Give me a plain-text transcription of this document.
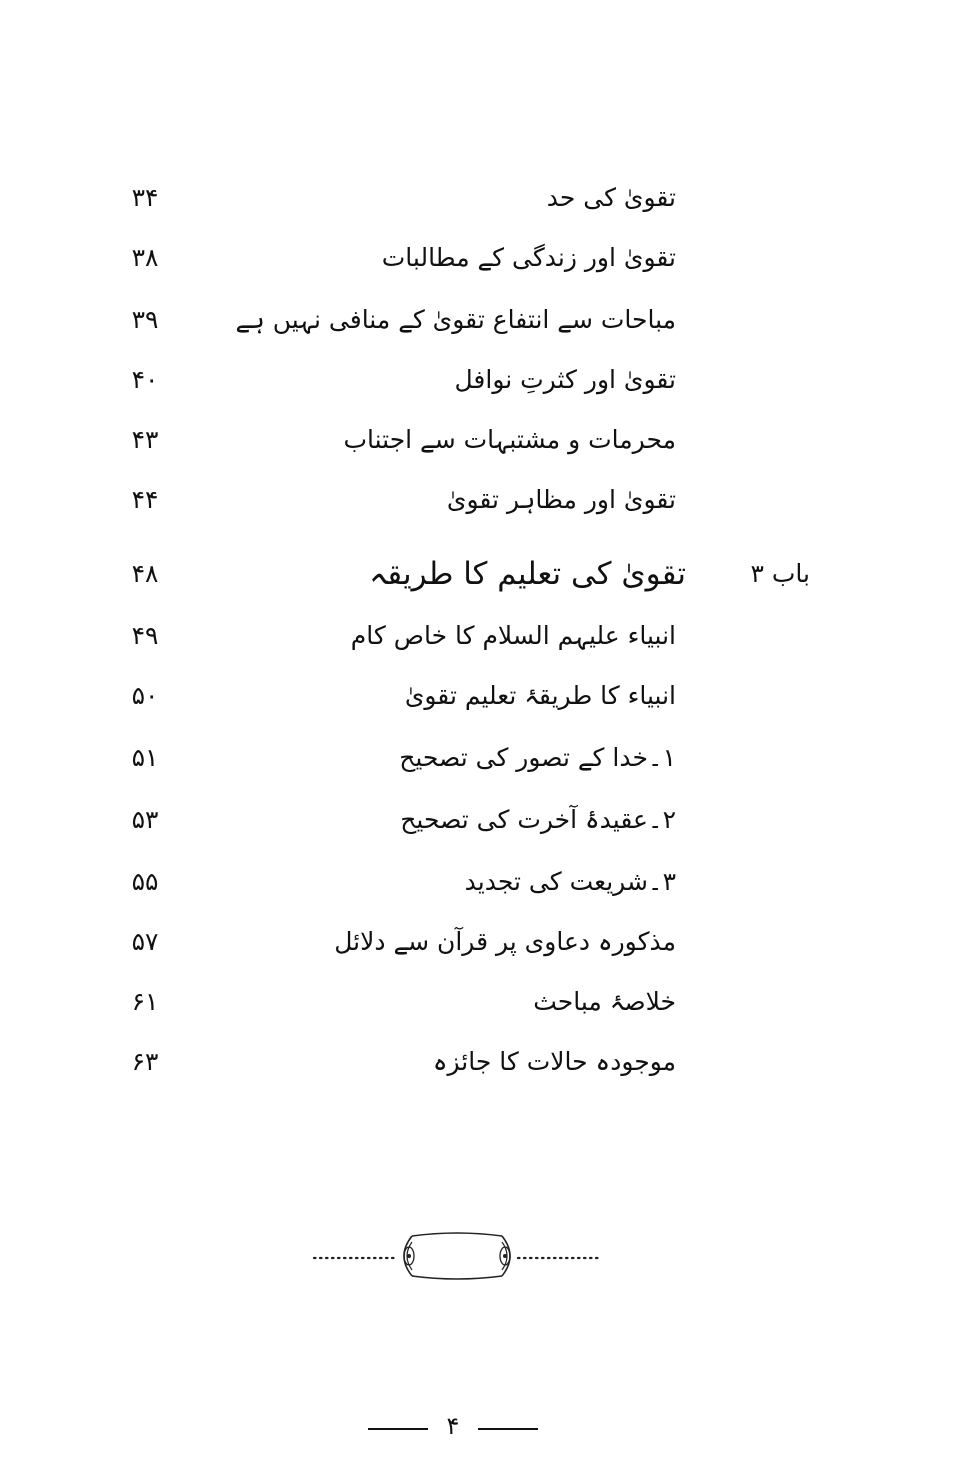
تقویٰ کی حد
۳۴
تقویٰ اور زندگی کے مطالبات
۳۸
مباحات سے انتفاع تقویٰ کے منافی نہیں ہے
۳۹
تقویٰ اور کثرتِ نوافل
۴۰
محرمات و مشتبہات سے اجتناب
۴۳
تقویٰ اور مظاہر تقویٰ
۴۴
باب ۳
تقویٰ کی تعلیم کا طریقہ
۴۸
انبیاء علیہم السلام کا خاص کام
۴۹
انبیاء کا طریقۂ تعلیم تقویٰ
۵۰
۱۔خدا کے تصور کی تصحیح
۵۱
۲۔عقیدۂ آخرت کی تصحیح
۵۳
۳۔شریعت کی تجدید
۵۵
مذکورہ دعاوی پر قرآن سے دلائل
۵۷
خلاصۂ مباحث
۶۱
موجودہ حالات کا جائزہ
۶۳
۴
